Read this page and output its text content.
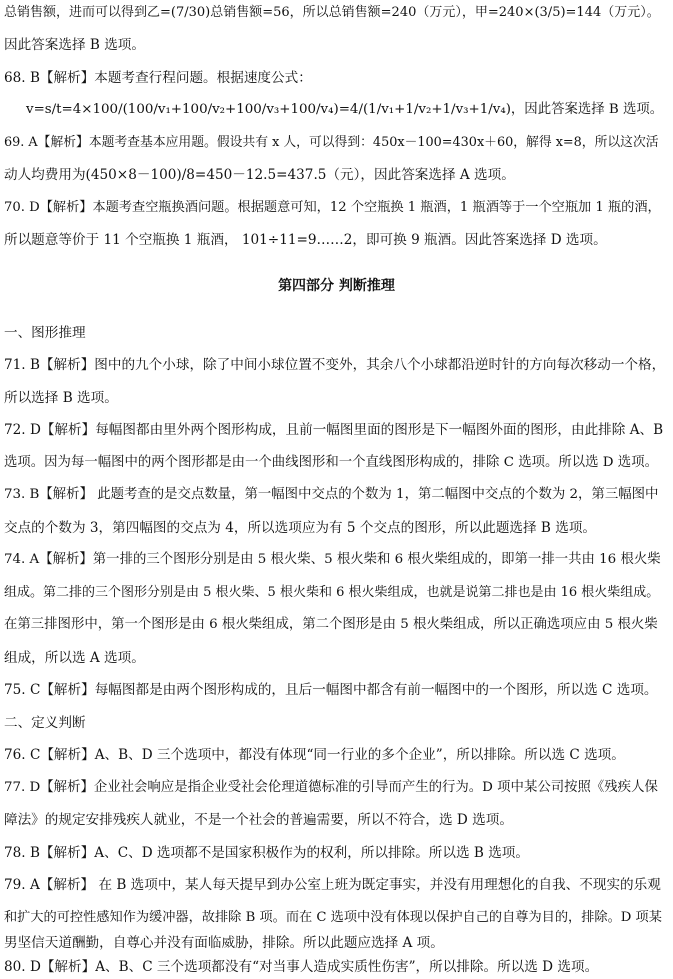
总销售额，进而可以得到乙=(7/30)总销售额=56，所以总销售额=240（万元），甲=240×(3/5)=144（万元）。
因此答案选择 B 选项。
68. B【解析】本题考查行程问题。根据速度公式：
v=s/t=4×100/(100/v₁+100/v₂+100/v₃+100/v₄)=4/(1/v₁+1/v₂+1/v₃+1/v₄)，因此答案选择 B 选项。
69. A【解析】本题考查基本应用题。假设共有 x 人，可以得到：450x－100=430x＋60，解得 x=8，所以这次活
动人均费用为(450×8－100)/8=450－12.5=437.5（元），因此答案选择 A 选项。
70. D【解析】本题考查空瓶换酒问题。根据题意可知，12 个空瓶换 1 瓶酒，1 瓶酒等于一个空瓶加 1 瓶的酒，
所以题意等价于 11 个空瓶换 1 瓶酒， 101÷11=9……2，即可换 9 瓶酒。因此答案选择 D 选项。
第四部分 判断推理
一、图形推理
71. B【解析】图中的九个小球，除了中间小球位置不变外，其余八个小球都沿逆时针的方向每次移动一个格，
所以选择 B 选项。
72. D【解析】每幅图都由里外两个图形构成，且前一幅图里面的图形是下一幅图外面的图形，由此排除 A、B
选项。因为每一幅图中的两个图形都是由一个曲线图形和一个直线图形构成的，排除 C 选项。所以选 D 选项。
73. B【解析】 此题考查的是交点数量，第一幅图中交点的个数为 1，第二幅图中交点的个数为 2，第三幅图中
交点的个数为 3，第四幅图的交点为 4，所以选项应为有 5 个交点的图形，所以此题选择 B 选项。
74. A【解析】第一排的三个图形分别是由 5 根火柴、5 根火柴和 6 根火柴组成的，即第一排一共由 16 根火柴
组成。第二排的三个图形分别是由 5 根火柴、5 根火柴和 6 根火柴组成，也就是说第二排也是由 16 根火柴组成。
在第三排图形中，第一个图形是由 6 根火柴组成，第二个图形是由 5 根火柴组成，所以正确选项应由 5 根火柴
组成，所以选 A 选项。
75. C【解析】每幅图都是由两个图形构成的，且后一幅图中都含有前一幅图中的一个图形，所以选 C 选项。
二、定义判断
76. C【解析】A、B、D 三个选项中，都没有体现“同一行业的多个企业”，所以排除。所以选 C 选项。
77. D【解析】企业社会响应是指企业受社会伦理道德标准的引导而产生的行为。D 项中某公司按照《残疾人保
障法》的规定安排残疾人就业，不是一个社会的普遍需要，所以不符合，选 D 选项。
78. B【解析】A、C、D 选项都不是国家积极作为的权利，所以排除。所以选 B 选项。
79. A【解析】 在 B 选项中，某人每天提早到办公室上班为既定事实，并没有用理想化的自我、不现实的乐观
和扩大的可控性感知作为缓冲器，故排除 B 项。而在 C 选项中没有体现以保护自己的自尊为目的，排除。D 项某
男坚信天道酬勤，自尊心并没有面临威胁，排除。所以此题应选择 A 项。
80. D【解析】A、B、C 三个选项都没有“对当事人造成实质性伤害”，所以排除。所以选 D 选项。
